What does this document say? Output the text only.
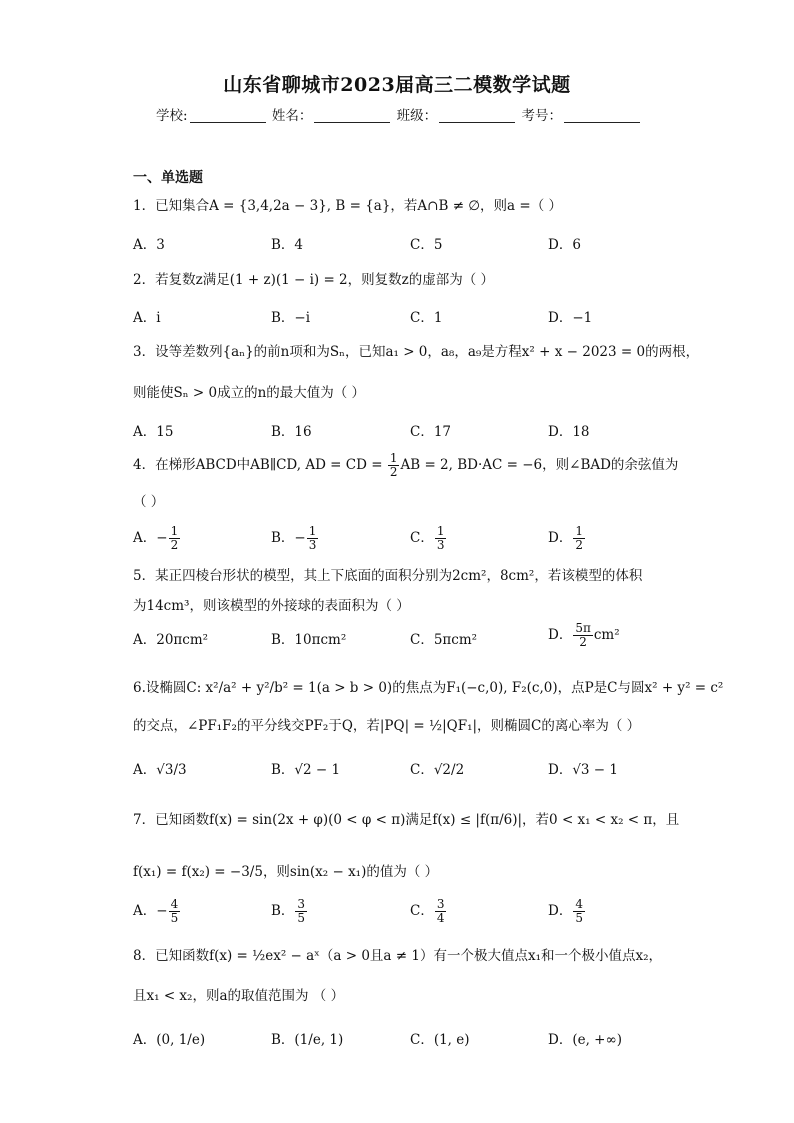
山东省聊城市2023届高三二模数学试题
学校:	姓名：	班级：	考号：
一、单选题
1．已知集合A = {3,4,2a − 3}, B = {a}，若A∩B ≠ ∅，则a =（ ）
A．3	B．4	C．5	D．6
2．若复数z满足(1 + z)(1 − i) = 2，则复数z的虚部为（ ）
A．i	B．−i	C．1	D．−1
3．设等差数列{aₙ}的前n项和为Sₙ，已知a₁ > 0，a₈，a₉是方程x² + x − 2023 = 0的两根，
则能使Sₙ > 0成立的n的最大值为（ ）
A．15	B．16	C．17	D．18
4．在梯形ABCD中AB∥CD, AD = CD = $\frac{1}{2}$ AB = 2, BD·AC = −6，则∠BAD的余弦值为
（ ）
A．− $\frac{1}{2}$	B．− $\frac{1}{3}$	C． $\frac{1}{3}$	D． $\frac{1}{2}$
5．某正四棱台形状的模型，其上下底面的面积分别为2cm²，8cm²，若该模型的体积
为14cm³，则该模型的外接球的表面积为（ ）
A．20πcm²	B．10πcm²	C．5πcm²	D． $\frac{5\pi}{2} cm^2$
6.设椭圆C: x²/a² + y²/b² = 1(a > b > 0)的焦点为F₁(−c,0), F₂(c,0)，点P是C与圆x² + y² = c²
的交点，∠PF₁F₂的平分线交PF₂于Q，若|PQ| = ½|QF₁|，则椭圆C的离心率为（ ）
A．√3/3	B．√2 − 1	C．√2/2	D．√3 − 1
7．已知函数f(x) = sin(2x + φ)(0 < φ < π)满足f(x) ≤ |f(π/6)|，若0 < x₁ < x₂ < π，且
f(x₁) = f(x₂) = −3/5，则sin(x₂ − x₁)的值为（ ）
A．− $\frac{4}{5}$	B． $\frac{3}{5}$	C． $\frac{3}{4}$	D． $\frac{4}{5}$
8．已知函数f(x) = ½ex² − aˣ（a > 0且a ≠ 1）有一个极大值点x₁和一个极小值点x₂，
且x₁ < x₂，则a的取值范围为 （ ）
A．(0, 1/e)	B．(1/e, 1)	C．(1, e)	D．(e, +∞)
